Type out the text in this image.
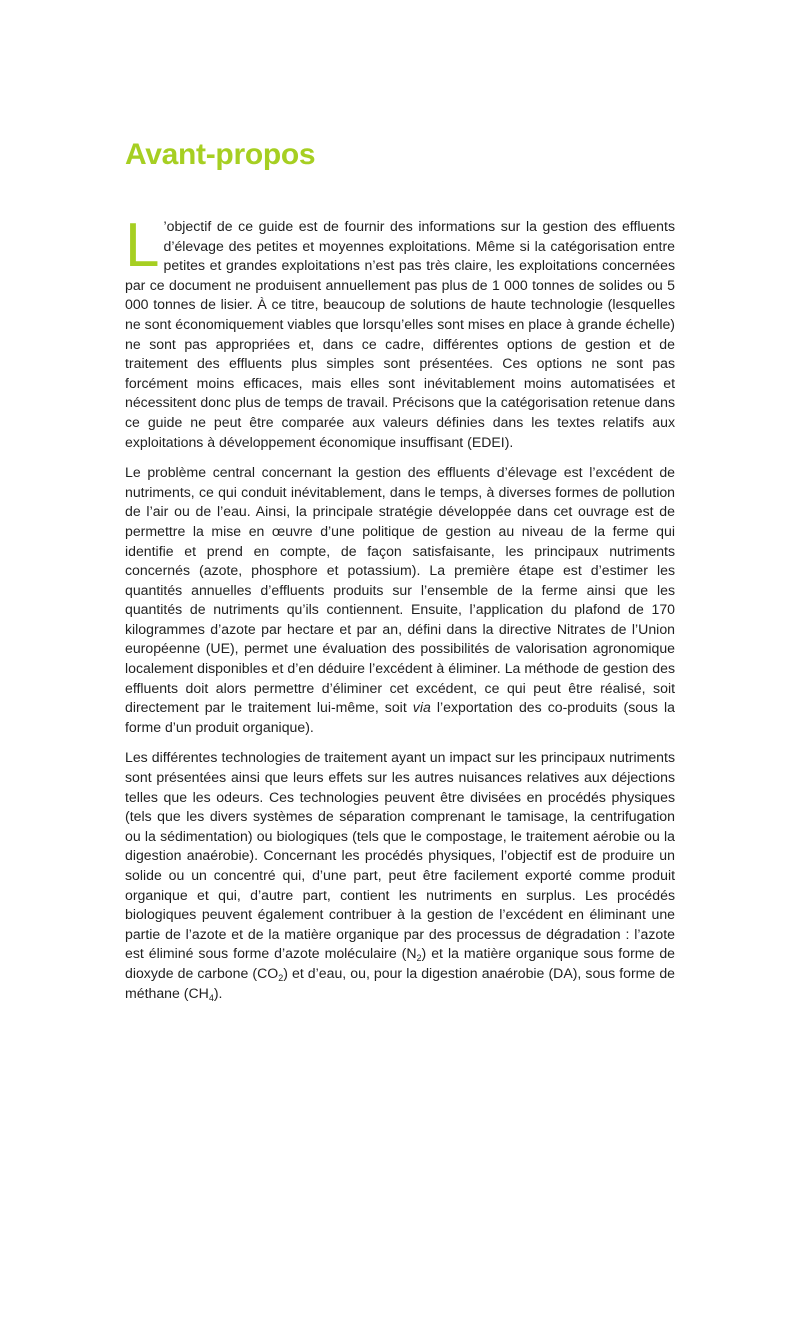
Avant-propos

L ’objectif de ce guide est de fournir des informations sur la gestion des effluents d’élevage des petites et moyennes exploitations. Même si la catégorisation entre petites et grandes exploitations n’est pas très claire, les exploitations concernées par ce document ne produisent annuellement pas plus de 1 000 tonnes de solides ou 5 000 tonnes de lisier. À ce titre, beaucoup de solutions de haute technologie (lesquelles ne sont économiquement viables que lorsqu’elles sont mises en place à grande échelle) ne sont pas appropriées et, dans ce cadre, différentes options de gestion et de traitement des effluents plus simples sont présentées. Ces options ne sont pas forcément moins efficaces, mais elles sont inévitablement moins automatisées et nécessitent donc plus de temps de travail. Précisons que la catégorisation retenue dans ce guide ne peut être comparée aux valeurs définies dans les textes relatifs aux exploitations à développement économique insuffisant (EDEI).

Le problème central concernant la gestion des effluents d’élevage est l’excédent de nutriments, ce qui conduit inévitablement, dans le temps, à diverses formes de pollution de l’air ou de l’eau. Ainsi, la principale stratégie développée dans cet ouvrage est de permettre la mise en œuvre d’une politique de gestion au niveau de la ferme qui identifie et prend en compte, de façon satisfaisante, les principaux nutriments concernés (azote, phosphore et potassium). La première étape est d’estimer les quantités annuelles d’effluents produits sur l’ensemble de la ferme ainsi que les quantités de nutriments qu’ils contiennent. Ensuite, l’application du plafond de 170 kilogrammes d’azote par hectare et par an, défini dans la directive Nitrates de l’Union européenne (UE), permet une évaluation des possibilités de valorisation agronomique localement disponibles et d’en déduire l’excédent à éliminer. La méthode de gestion des effluents doit alors permettre d’éliminer cet excédent, ce qui peut être réalisé, soit directement par le traitement lui-même, soit via l’exportation des co-produits (sous la forme d’un produit organique).

Les différentes technologies de traitement ayant un impact sur les principaux nutriments sont présentées ainsi que leurs effets sur les autres nuisances relatives aux déjections telles que les odeurs. Ces technologies peuvent être divisées en procédés physiques (tels que les divers systèmes de séparation comprenant le tamisage, la centrifugation ou la sédimentation) ou biologiques (tels que le compostage, le traitement aérobie ou la digestion anaérobie). Concernant les procédés physiques, l’objectif est de produire un solide ou un concentré qui, d’une part, peut être facilement exporté comme produit organique et qui, d’autre part, contient les nutriments en surplus. Les procédés biologiques peuvent également contribuer à la gestion de l’excédent en éliminant une partie de l’azote et de la matière organique par des processus de dégradation : l’azote est éliminé sous forme d’azote moléculaire $(N_2)$ et la matière organique sous forme de dioxyde de carbone $(CO_2)$ et d’eau, ou, pour la digestion anaérobie (DA), sous forme de méthane $(CH_4)$.
